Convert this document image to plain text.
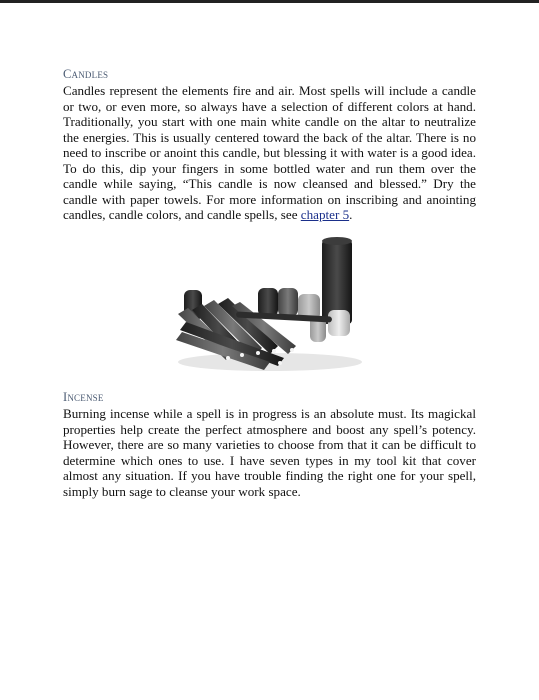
Candles

Candles represent the elements fire and air. Most spells will include a candle or two, or even more, so always have a selection of different colors at hand. Traditionally, you start with one main white candle on the altar to neutralize the energies. This is usually centered toward the back of the altar. There is no need to inscribe or anoint this candle, but blessing it with water is a good idea. To do this, dip your fingers in some bottled water and run them over the candle while saying, “This candle is now cleansed and blessed.” Dry the candle with paper towels. For more information on inscribing and anointing candles, candle colors, and candle spells, see chapter 5.

Incense

Burning incense while a spell is in progress is an absolute must. Its magickal properties help create the perfect atmosphere and boost any spell’s potency. However, there are so many varieties to choose from that it can be difficult to determine which ones to use. I have seven types in my tool kit that cover almost any situation. If you have trouble finding the right one for your spell, simply burn sage to cleanse your work space.
